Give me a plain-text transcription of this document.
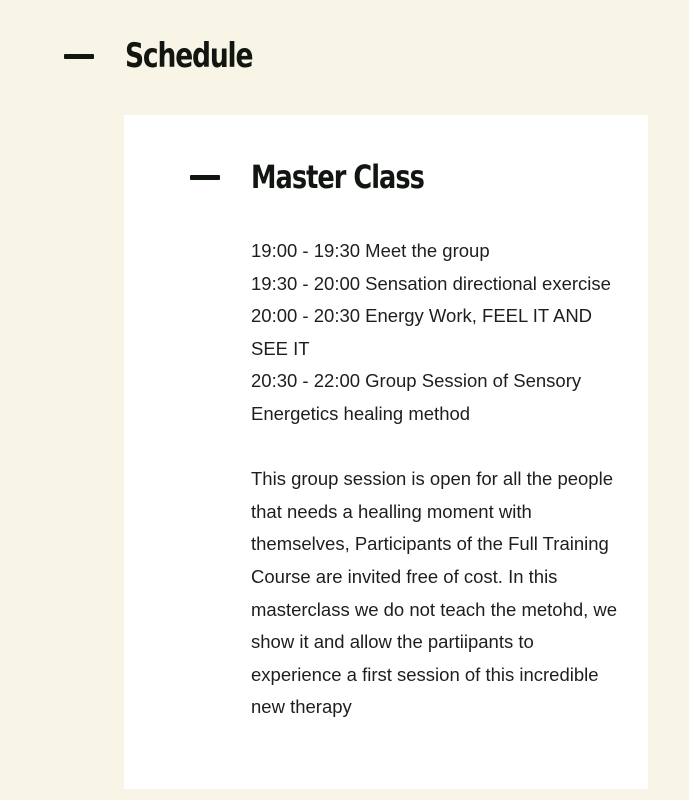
Schedule
Master Class

19:00 - 19:30 Meet the group

19:30 - 20:00 Sensation directional exercise

20:00 - 20:30 Energy Work, FEEL IT AND SEE IT

20:30 - 22:00 Group Session of Sensory Energetics healing method

This group session is open for all the people that needs a healling moment with themselves, Participants of the Full Training Course are invited free of cost. In this masterclass we do not teach the metohd, we show it and allow the partiipants to experience a first session of this incredible new therapy
